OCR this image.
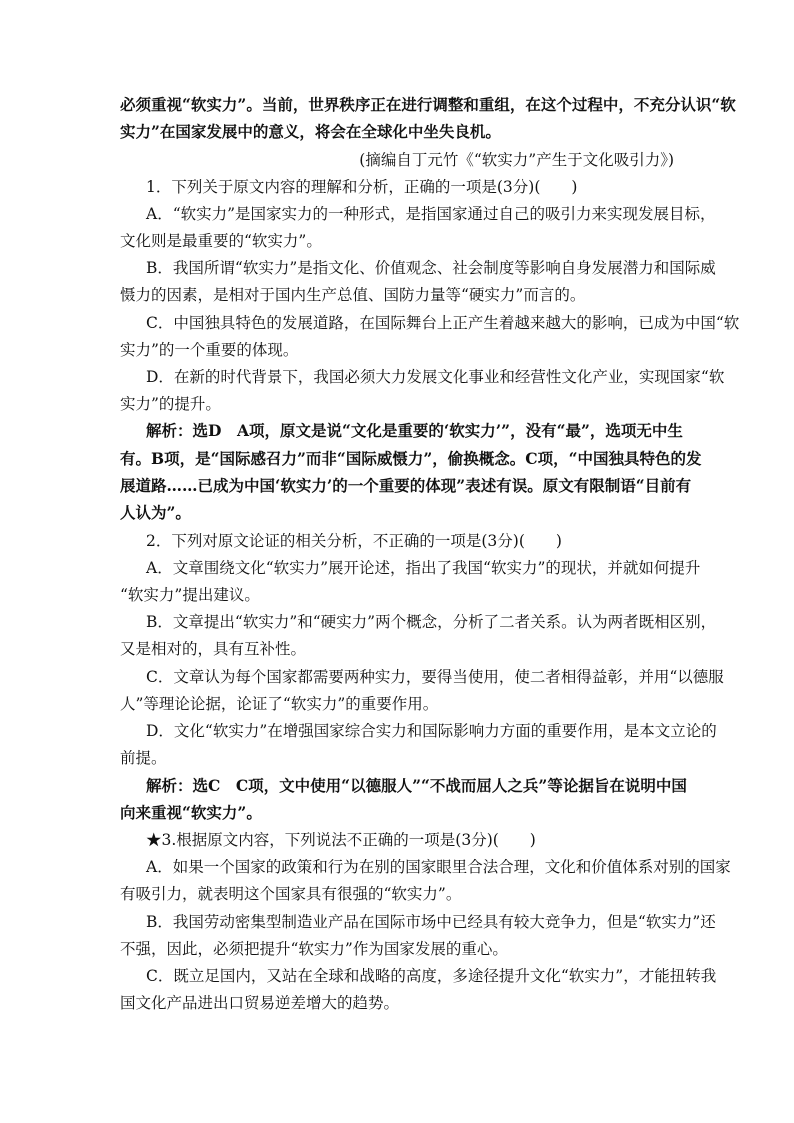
必须重视“软实力”。当前，世界秩序正在进行调整和重组，在这个过程中，不充分认识“软
实力”在国家发展中的意义，将会在全球化中坐失良机。
(摘编自丁元竹《“软实力”产生于文化吸引力》)
1．下列关于原文内容的理解和分析，正确的一项是(3分)(　　)
A．“软实力”是国家实力的一种形式，是指国家通过自己的吸引力来实现发展目标，
文化则是最重要的“软实力”。
B．我国所谓“软实力”是指文化、价值观念、社会制度等影响自身发展潜力和国际威
慑力的因素，是相对于国内生产总值、国防力量等“硬实力”而言的。
C．中国独具特色的发展道路，在国际舞台上正产生着越来越大的影响，已成为中国“软
实力”的一个重要的体现。
D．在新的时代背景下，我国必须大力发展文化事业和经营性文化产业，实现国家“软
实力”的提升。
解析：选D　A项，原文是说“文化是重要的‘软实力’”，没有“最”，选项无中生
有。B项，是“国际感召力”而非“国际威慑力”，偷换概念。C项，“中国独具特色的发
展道路……已成为中国‘软实力’的一个重要的体现”表述有误。原文有限制语“目前有
人认为”。
2．下列对原文论证的相关分析，不正确的一项是(3分)(　　)
A．文章围绕文化“软实力”展开论述，指出了我国“软实力”的现状，并就如何提升
“软实力”提出建议。
B．文章提出“软实力”和“硬实力”两个概念，分析了二者关系。认为两者既相区别，
又是相对的，具有互补性。
C．文章认为每个国家都需要两种实力，要得当使用，使二者相得益彰，并用“以德服
人”等理论论据，论证了“软实力”的重要作用。
D．文化“软实力”在增强国家综合实力和国际影响力方面的重要作用，是本文立论的
前提。
解析：选C　C项，文中使用“以德服人”“不战而屈人之兵”等论据旨在说明中国
向来重视“软实力”。
★3.根据原文内容，下列说法不正确的一项是(3分)(　　)
A．如果一个国家的政策和行为在别的国家眼里合法合理，文化和价值体系对别的国家
有吸引力，就表明这个国家具有很强的“软实力”。
B．我国劳动密集型制造业产品在国际市场中已经具有较大竞争力，但是“软实力”还
不强，因此，必须把提升“软实力”作为国家发展的重心。
C．既立足国内，又站在全球和战略的高度，多途径提升文化“软实力”，才能扭转我
国文化产品进出口贸易逆差增大的趋势。
